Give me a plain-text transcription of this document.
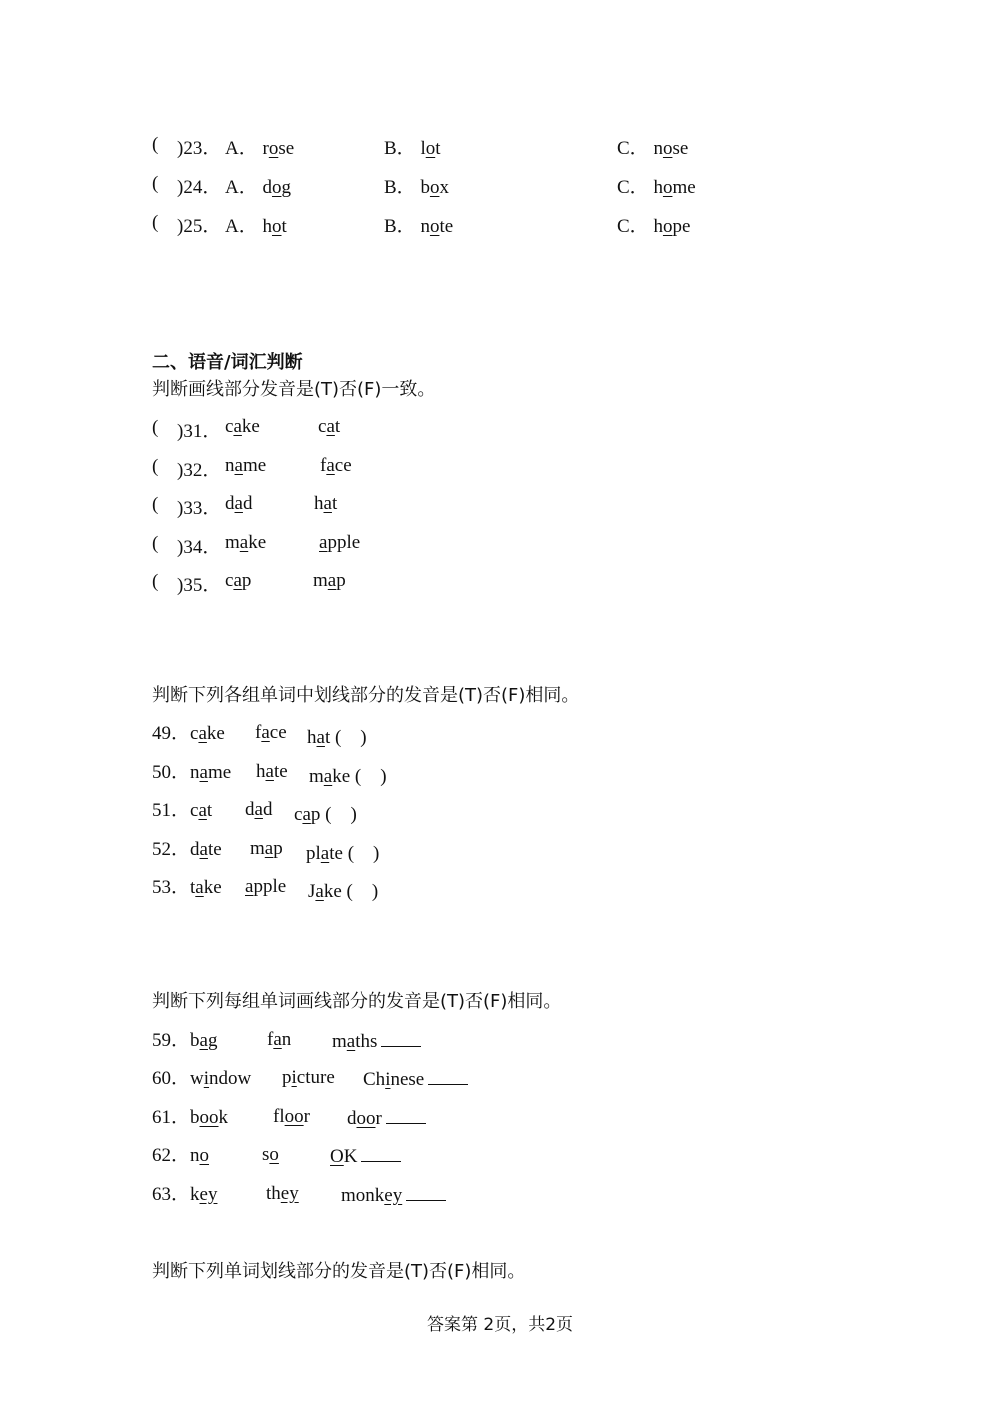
( )23． A． rose	B． lot	C． nose
( )24． A． dog	B． box	C． home
( )25． A． hot	B． note	C． hope
二、语音/词汇判断
判断画线部分发音是(T)否(F)一致。
( )31． cake	cat
( )32． name	face
( )33． dad	hat
( )34． make	apple
( )35． cap	map
判断下列各组单词中划线部分的发音是(T)否(F)相同。
49．cake face hat (　)
50．name hate make (　)
51．cat dad cap (　)
52．date map plate (　)
53．take apple Jake (　)
判断下列每组单词画线部分的发音是(T)否(F)相同。
59．bag	fan maths
60．window picture Chinese
61．book floor door
62．no	so	OK
63．key	they monkey
判断下列单词划线部分的发音是(T)否(F)相同。
答案第 2页，共2页
